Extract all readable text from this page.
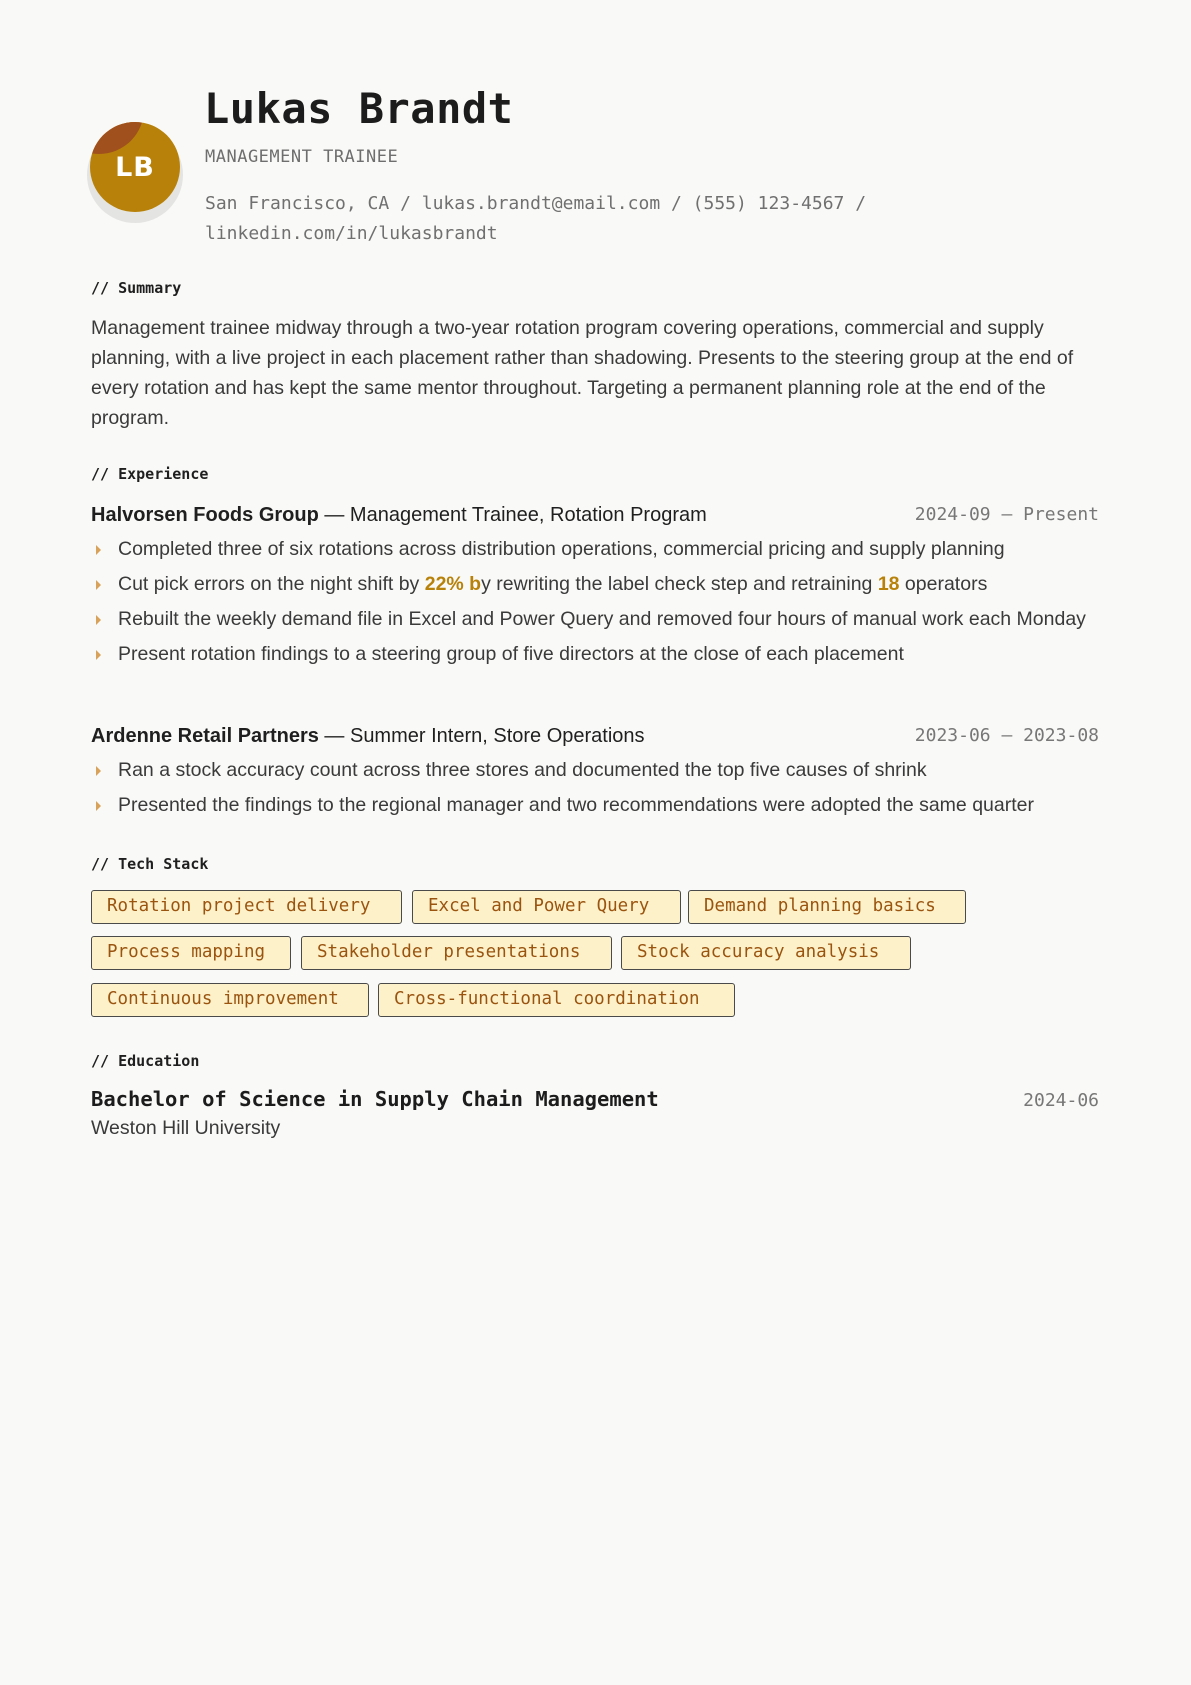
LB
Lukas Brandt
MANAGEMENT TRAINEE
San Francisco, CA / lukas.brandt@email.com / (555) 123-4567 / linkedin.com/in/lukasbrandt
// Summary

Management trainee midway through a two-year rotation program covering operations, commercial and supply planning, with a live project in each placement rather than shadowing. Presents to the steering group at the end of every rotation and has kept the same mentor throughout. Targeting a permanent planning role at the end of the program.

// Experience
Halvorsen Foods Group — Management Trainee, Rotation Program	2024-09 – Present
Completed three of six rotations across distribution operations, commercial pricing and supply planning
Cut pick errors on the night shift by 22% by rewriting the label check step and retraining 18 operators
Rebuilt the weekly demand file in Excel and Power Query and removed four hours of manual work each Monday
Present rotation findings to a steering group of five directors at the close of each placement
Ardenne Retail Partners — Summer Intern, Store Operations	2023-06 – 2023-08
Ran a stock accuracy count across three stores and documented the top five causes of shrink
Presented the findings to the regional manager and two recommendations were adopted the same quarter
// Tech Stack
Rotation project delivery	Excel and Power Query	Demand planning basics
Process mapping	Stakeholder presentations	Stock accuracy analysis
Continuous improvement	Cross-functional coordination
// Education
Bachelor of Science in Supply Chain Management	2024-06
Weston Hill University
